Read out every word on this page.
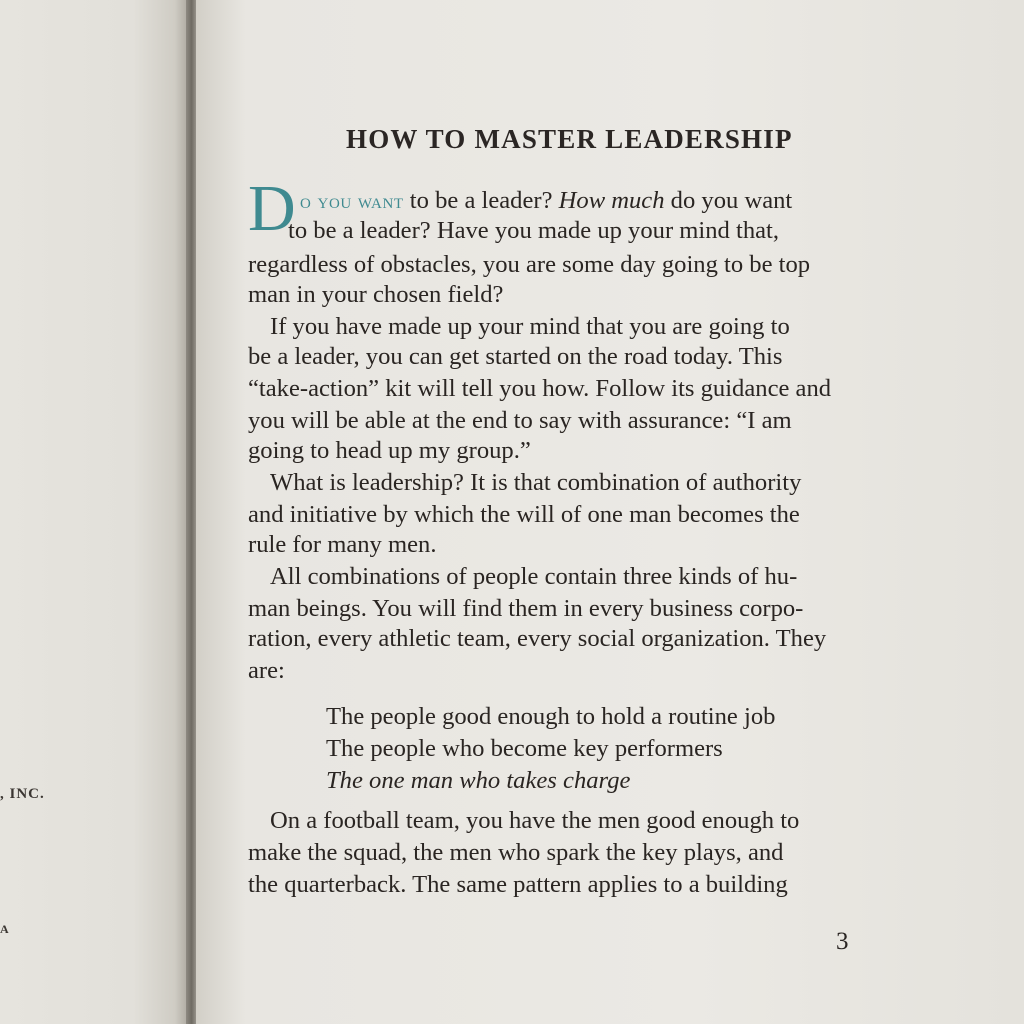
, INC.
A
HOW TO MASTER LEADERSHIP
D o you want to be a leader? How much do you want
to be a leader? Have you made up your mind that,
regardless of obstacles, you are some day going to be top
man in your chosen field?
If you have made up your mind that you are going to
be a leader, you can get started on the road today. This
“take-action” kit will tell you how. Follow its guidance and
you will be able at the end to say with assurance: “I am
going to head up my group.”
What is leadership? It is that combination of authority
and initiative by which the will of one man becomes the
rule for many men.
All combinations of people contain three kinds of hu-
man beings. You will find them in every business corpo-
ration, every athletic team, every social organization. They
are:
The people good enough to hold a routine job
The people who become key performers
The one man who takes charge
On a football team, you have the men good enough to
make the squad, the men who spark the key plays, and
the quarterback. The same pattern applies to a building
3
